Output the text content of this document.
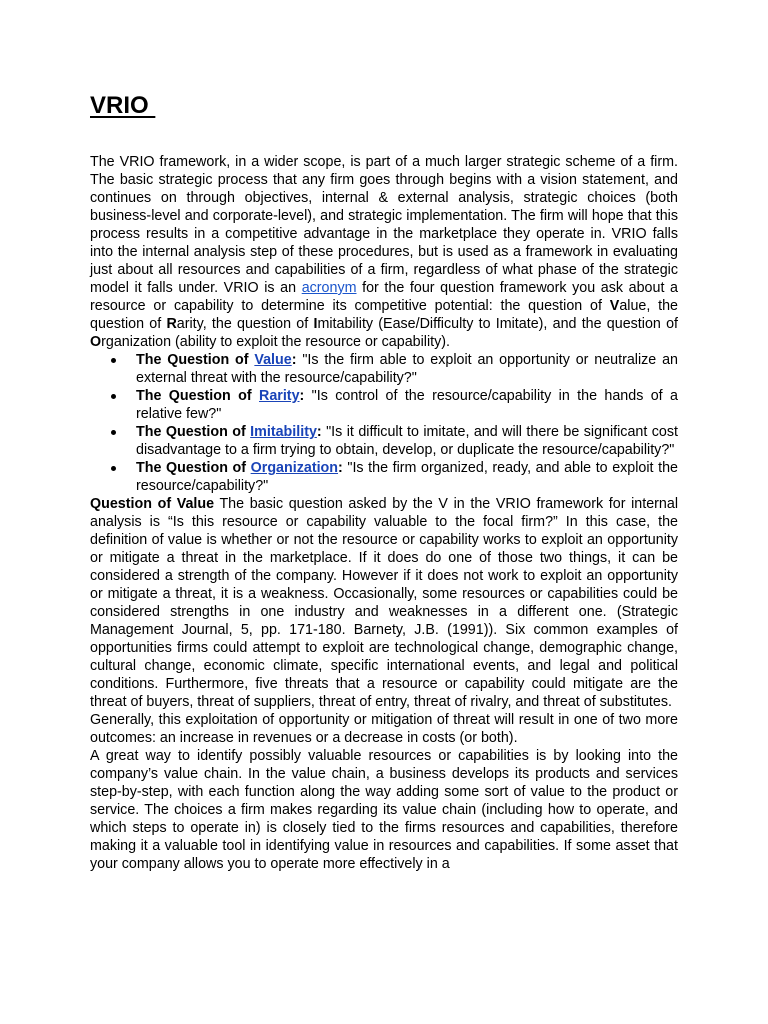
VRIO

The VRIO framework, in a wider scope, is part of a much larger strategic scheme of a firm. The basic strategic process that any firm goes through begins with a vision statement, and continues on through objectives, internal & external analysis, strategic choices (both business-level and corporate-level), and strategic implementation. The firm will hope that this process results in a competitive advantage in the marketplace they operate in. VRIO falls into the internal analysis step of these procedures, but is used as a framework in evaluating just about all resources and capabilities of a firm, regardless of what phase of the strategic model it falls under. VRIO is an acronym for the four question framework you ask about a resource or capability to determine its competitive potential: the question of Value, the question of Rarity, the question of Imitability (Ease/Difficulty to Imitate), and the question of Organization (ability to exploit the resource or capability).

The Question of Value: "Is the firm able to exploit an opportunity or neutralize an external threat with the resource/capability?"
The Question of Rarity: "Is control of the resource/capability in the hands of a relative few?"
The Question of Imitability: "Is it difficult to imitate, and will there be significant cost disadvantage to a firm trying to obtain, develop, or duplicate the resource/capability?"
The Question of Organization: "Is the firm organized, ready, and able to exploit the resource/capability?"

Question of Value The basic question asked by the V in the VRIO framework for internal analysis is “Is this resource or capability valuable to the focal firm?” In this case, the definition of value is whether or not the resource or capability works to exploit an opportunity or mitigate a threat in the marketplace. If it does do one of those two things, it can be considered a strength of the company. However if it does not work to exploit an opportunity or mitigate a threat, it is a weakness. Occasionally, some resources or capabilities could be considered strengths in one industry and weaknesses in a different one. (Strategic Management Journal, 5, pp. 171-180. Barnety, J.B. (1991)). Six common examples of opportunities firms could attempt to exploit are technological change, demographic change, cultural change, economic climate, specific international events, and legal and political conditions. Furthermore, five threats that a resource or capability could mitigate are the threat of buyers, threat of suppliers, threat of entry, threat of rivalry, and threat of substitutes.

Generally, this exploitation of opportunity or mitigation of threat will result in one of two more outcomes: an increase in revenues or a decrease in costs (or both).

A great way to identify possibly valuable resources or capabilities is by looking into the company’s value chain. In the value chain, a business develops its products and services step-by-step, with each function along the way adding some sort of value to the product or service. The choices a firm makes regarding its value chain (including how to operate, and which steps to operate in) is closely tied to the firms resources and capabilities, therefore making it a valuable tool in identifying value in resources and capabilities. If some asset that your company allows you to operate more effectively in a
